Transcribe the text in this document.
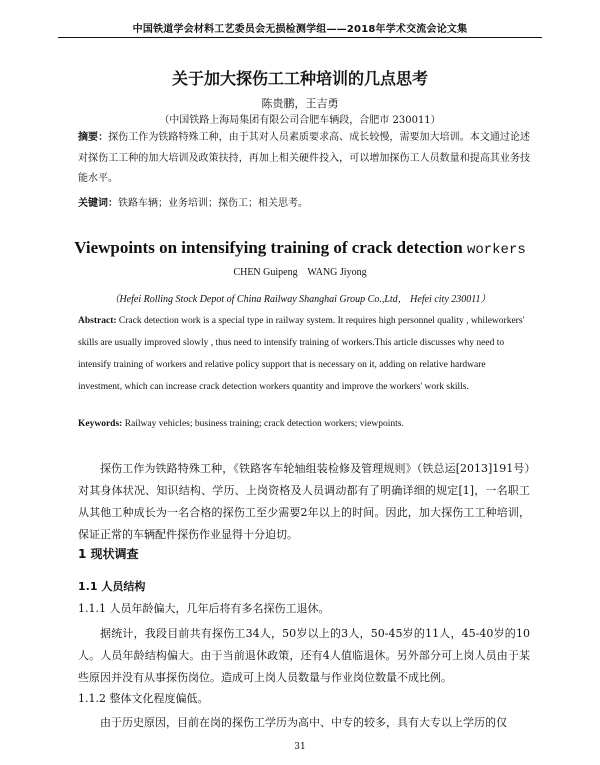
中国铁道学会材料工艺委员会无损检测学组——2018年学术交流会论文集
关于加大探伤工工种培训的几点思考
陈贵鹏，王吉勇
（中国铁路上海局集团有限公司合肥车辆段，合肥市 230011）
摘要：探伤工作为铁路特殊工种，由于其对人员素质要求高、成长较慢，需要加大培训。本文通过论述对探伤工工种的加大培训及政策扶持，再加上相关硬件投入，可以增加探伤工人员数量和提高其业务技能水平。
关键词：铁路车辆；业务培训；探伤工；相关思考。
Viewpoints on intensifying training of crack detection workers
CHEN Guipeng    WANG Jiyong
（Hefei Rolling Stock Depot of China Railway Shanghai Group Co.,Ltd， Hefei city 230011）
Abstract: Crack detection work is a special type in railway system. It requires high personnel quality , whileworkers' skills are usually improved slowly , thus need to intensify training of workers.This article discusses why need to intensify training of workers and relative policy support that is necessary on it, adding on relative hardware investment, which can increase crack detection workers quantity and improve the workers' work skills.
Keywords: Railway vehicles; business training; crack detection workers; viewpoints.
探伤工作为铁路特殊工种，《铁路客车轮轴组装检修及管理规则》（铁总运[2013]191号）对其身体状况、知识结构、学历、上岗资格及人员调动都有了明确详细的规定[1]，一名职工从其他工种成长为一名合格的探伤工至少需要2年以上的时间。因此，加大探伤工工种培训，保证正常的车辆配件探伤作业显得十分迫切。
1 现状调查
1.1 人员结构
1.1.1 人员年龄偏大，几年后将有多名探伤工退休。
据统计，我段目前共有探伤工34人，50岁以上的3人，50-45岁的11人，45-40岁的10人。人员年龄结构偏大。由于当前退休政策，还有4人值临退休。另外部分可上岗人员由于某些原因并没有从事探伤岗位。造成可上岗人员数量与作业岗位数量不成比例。
1.1.2 整体文化程度偏低。
由于历史原因，目前在岗的探伤工学历为高中、中专的较多，具有大专以上学历的仅
31
